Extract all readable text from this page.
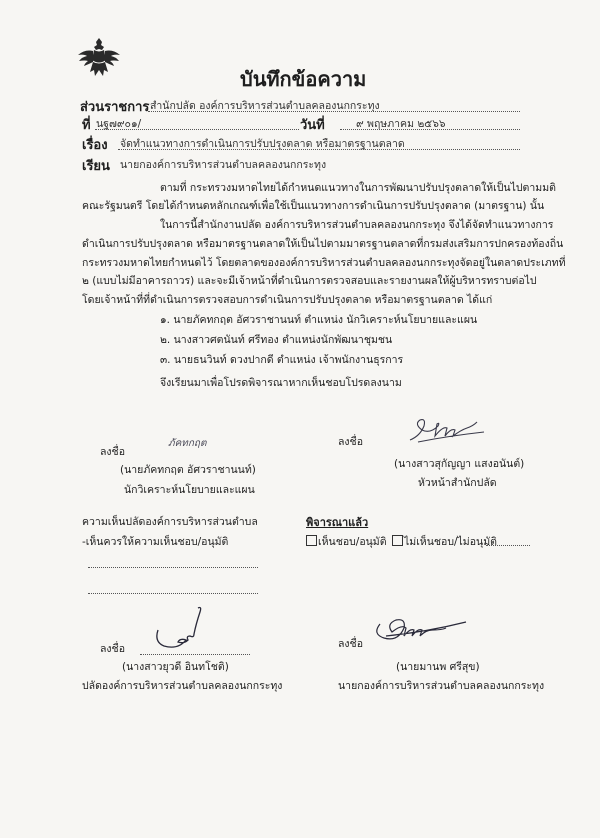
บันทึกข้อความ
ส่วนราชการ สำนักปลัด องค์การบริหารส่วนตำบลคลองนกกระทุง
ที่ นฐ๗๙๐๑/	วันที่	๙ พฤษภาคม ๒๕๖๖
เรื่อง จัดทำแนวทางการดำเนินการปรับปรุงตลาด หรือมาตรฐานตลาด
เรียน นายกองค์การบริหารส่วนตำบลคลองนกกระทุง
ตามที่ กระทรวงมหาดไทยได้กำหนดแนวทางในการพัฒนาปรับปรุงตลาดให้เป็นไปตามมติ
คณะรัฐมนตรี โดยได้กำหนดหลักเกณฑ์เพื่อใช้เป็นแนวทางการดำเนินการปรับปรุงตลาด (มาตรฐาน) นั้น
ในการนี้สำนักงานปลัด องค์การบริหารส่วนตำบลคลองนกกระทุง จึงได้จัดทำแนวทางการ
ดำเนินการปรับปรุงตลาด หรือมาตรฐานตลาดให้เป็นไปตามมาตรฐานตลาดที่กรมส่งเสริมการปกครองท้องถิ่น
กระทรวงมหาดไทยกำหนดไว้ โดยตลาดขององค์การบริหารส่วนตำบลคลองนกกระทุงจัดอยู่ในตลาดประเภทที่
๒ (แบบไม่มีอาคารถาวร) และจะมีเจ้าหน้าที่ดำเนินการตรวจสอบและรายงานผลให้ผู้บริหารทราบต่อไป
โดยเจ้าหน้าที่ที่ดำเนินการตรวจสอบการดำเนินการปรับปรุงตลาด หรือมาตรฐานตลาด ได้แก่
๑. นายภัคทกฤต อัศวราชานนท์ ตำแหน่ง นักวิเคราะห์นโยบายและแผน
๒. นางสาวศตนันท์ ศรีทอง ตำแหน่งนักพัฒนาชุมชน
๓. นายธนวินท์ ดวงปากดี ตำแหน่ง เจ้าพนักงานธุรการ
จึงเรียนมาเพื่อโปรดพิจารณาหากเห็นชอบโปรดลงนาม
ลงชื่อ
ภัคทกฤต
(นายภัคทกฤต อัศวราชานนท์)
นักวิเคราะห์นโยบายและแผน
ลงชื่อ
(นางสาวสุกัญญา แสงอนันต์)
หัวหน้าสำนักปลัด
ความเห็นปลัดองค์การบริหารส่วนตำบล
-เห็นควรให้ความเห็นชอบ/อนุมัติ
พิจารณาแล้ว
เห็นชอบ/อนุมัติ ไม่เห็นชอบ/ไม่อนุมัติ
ลงชื่อ
(นางสาวยุวดี อินทโชติ)
ปลัดองค์การบริหารส่วนตำบลคลองนกกระทุง
ลงชื่อ
(นายมานพ ศรีสุข)
นายกองค์การบริหารส่วนตำบลคลองนกกระทุง
